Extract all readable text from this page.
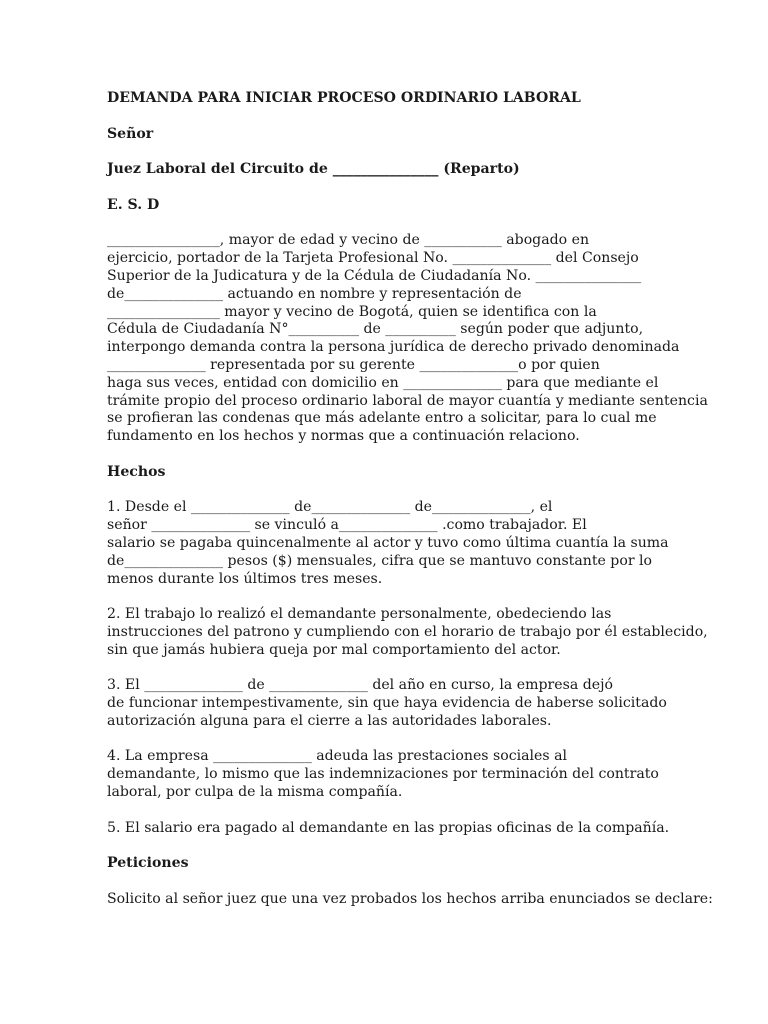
DEMANDA PARA INICIAR PROCESO ORDINARIO LABORAL
Señor
Juez Laboral del Circuito de _______________ (Reparto)
E. S. D
________________, mayor de edad y vecino de ___________ abogado en
ejercicio, portador de la Tarjeta Profesional No. ______________ del Consejo
Superior de la Judicatura y de la Cédula de Ciudadanía No. _______________
de______________ actuando en nombre y representación de
________________ mayor y vecino de Bogotá, quien se identifica con la
Cédula de Ciudadanía N°__________ de __________ según poder que adjunto,
interpongo demanda contra la persona jurídica de derecho privado denominada
______________ representada por su gerente ______________o por quien
haga sus veces, entidad con domicilio en ______________ para que mediante el
trámite propio del proceso ordinario laboral de mayor cuantía y mediante sentencia
se profieran las condenas que más adelante entro a solicitar, para lo cual me
fundamento en los hechos y normas que a continuación relaciono.
Hechos
1. Desde el ______________ de______________ de______________, el
señor ______________ se vinculó a______________ .como trabajador. El
salario se pagaba quincenalmente al actor y tuvo como última cuantía la suma
de______________ pesos ($) mensuales, cifra que se mantuvo constante por lo
menos durante los últimos tres meses.
2. El trabajo lo realizó el demandante personalmente, obedeciendo las
instrucciones del patrono y cumpliendo con el horario de trabajo por él establecido,
sin que jamás hubiera queja por mal comportamiento del actor.
3. El ______________ de ______________ del año en curso, la empresa dejó
de funcionar intempestivamente, sin que haya evidencia de haberse solicitado
autorización alguna para el cierre a las autoridades laborales.
4. La empresa ______________ adeuda las prestaciones sociales al
demandante, lo mismo que las indemnizaciones por terminación del contrato
laboral, por culpa de la misma compañía.
5. El salario era pagado al demandante en las propias oficinas de la compañía.
Peticiones
Solicito al señor juez que una vez probados los hechos arriba enunciados se declare:
